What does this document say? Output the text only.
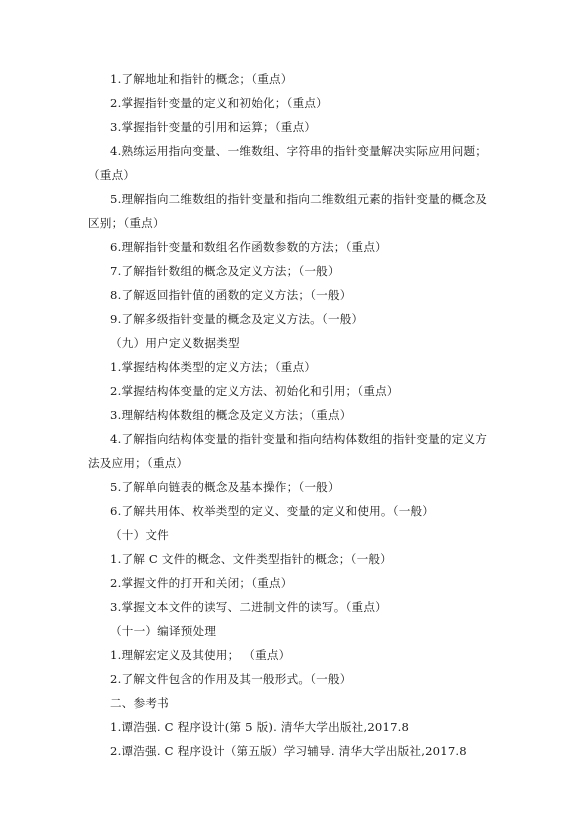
1.了解地址和指针的概念；（重点）
2.掌握指针变量的定义和初始化；（重点）
3.掌握指针变量的引用和运算；（重点）
4.熟练运用指向变量、一维数组、字符串的指针变量解决实际应用问题；
（重点）
5.理解指向二维数组的指针变量和指向二维数组元素的指针变量的概念及
区别；（重点）
6.理解指针变量和数组名作函数参数的方法；（重点）
7.了解指针数组的概念及定义方法；（一般）
8.了解返回指针值的函数的定义方法；（一般）
9.了解多级指针变量的概念及定义方法。（一般）
（九）用户定义数据类型
1.掌握结构体类型的定义方法；（重点）
2.掌握结构体变量的定义方法、初始化和引用；（重点）
3.理解结构体数组的概念及定义方法；（重点）
4.了解指向结构体变量的指针变量和指向结构体数组的指针变量的定义方
法及应用；（重点）
5.了解单向链表的概念及基本操作；（一般）
6.了解共用体、枚举类型的定义、变量的定义和使用。（一般）
（十）文件
1.了解 C 文件的概念、文件类型指针的概念；（一般）
2.掌握文件的打开和关闭；（重点）
3.掌握文本文件的读写、二进制文件的读写。（重点）
（十一）编译预处理
1.理解宏定义及其使用； （重点）
2.了解文件包含的作用及其一般形式。（一般）
二、参考书
1.谭浩强. C 程序设计(第 5 版). 清华大学出版社,2017.8
2.谭浩强. C 程序设计（第五版）学习辅导. 清华大学出版社,2017.8
